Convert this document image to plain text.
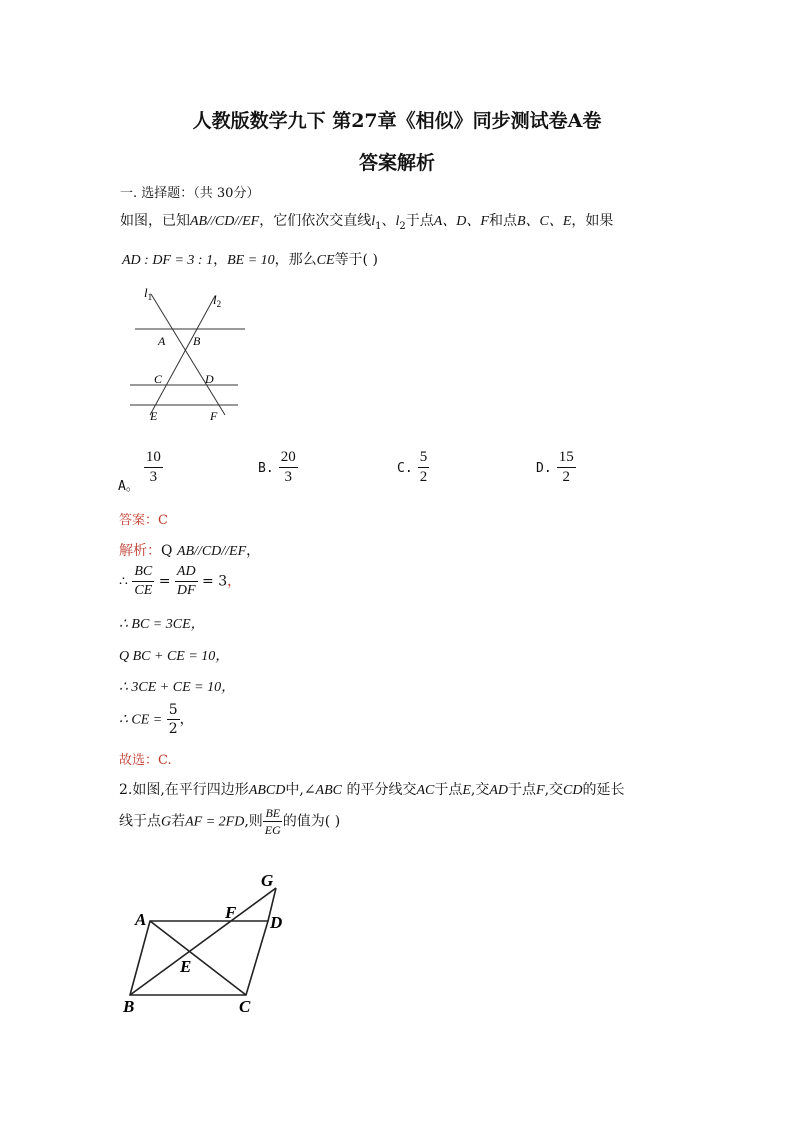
人教版数学九下 第27章《相似》同步测试卷A卷
答案解析
一. 选择题：（共 30分）
如图，已知AB//CD//EF，它们依次交直线$l_1$、$l_2$于点A、D、F和点B、C、E，如果
AD : DF = 3 : 1，BE = 10，那么CE等于( )
$l_1$	$l_2$
A B
C	D
E	F
$_{A。}$
$\frac{10}{3}$	B. $\frac{20}{3}$	C. $\frac{5}{2}$	D. $\frac{15}{2}$
答案：C
解析：Q AB//CD//EF，
∴ $\frac{BC}{CE} = \frac{AD}{DF} = 3$，
∴ BC = 3CE，
Q BC + CE = 10，
∴ 3CE + CE = 10，
∴ CE = $\frac{5}{2}$ ，
故选：C.
2.如图,在平行四边形ABCD中,∠ABC 的平分线交AC于点E,交AD于点F,交CD的延长
线于点G若AF = 2FD,则 $\frac{BE}{EG}$ 的值为( )
A
B	C
D
E
F
G
